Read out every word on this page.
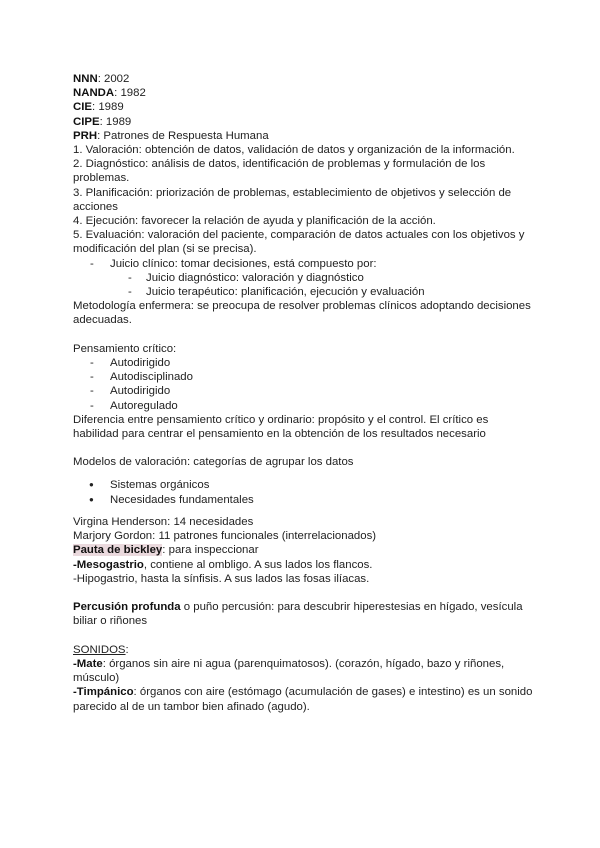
NNN: 2002

NANDA: 1982

CIE: 1989

CIPE: 1989

PRH: Patrones de Respuesta Humana

1. Valoración: obtención de datos, validación de datos y organización de la información.

2. Diagnóstico: análisis de datos, identificación de problemas y formulación de los problemas.

3. Planificación: priorización de problemas, establecimiento de objetivos y selección de acciones

4. Ejecución: favorecer la relación de ayuda y planificación de la acción.

5. Evaluación: valoración del paciente, comparación de datos actuales con los objetivos y modificación del plan (si se precisa).

- Juicio clínico: tomar decisiones, está compuesto por:
- Juicio diagnóstico: valoración y diagnóstico
- Juicio terapéutico: planificación, ejecución y evaluación

Metodología enfermera: se preocupa de resolver problemas clínicos adoptando decisiones adecuadas.

Pensamiento crítico:

- Autodirigido
- Autodisciplinado
- Autodirigido
- Autoregulado

Diferencia entre pensamiento crítico y ordinario: propósito y el control. El crítico es habilidad para centrar el pensamiento en la obtención de los resultados necesario

Modelos de valoración: categorías de agrupar los datos

● Sistemas orgánicos
● Necesidades fundamentales

Virgina Henderson: 14 necesidades

Marjory Gordon: 11 patrones funcionales (interrelacionados)

Pauta de bickley: para inspeccionar

-Mesogastrio, contiene al ombligo. A sus lados los flancos.

-Hipogastrio, hasta la sínfisis. A sus lados las fosas ilíacas.

Percusión profunda o puño percusión: para descubrir hiperestesias en hígado, vesícula biliar o riñones

SONIDOS:

-Mate: órganos sin aire ni agua (parenquimatosos). (corazón, hígado, bazo y riñones, músculo)

-Timpánico: órganos con aire (estómago (acumulación de gases) e intestino) es un sonido parecido al de un tambor bien afinado (agudo).
